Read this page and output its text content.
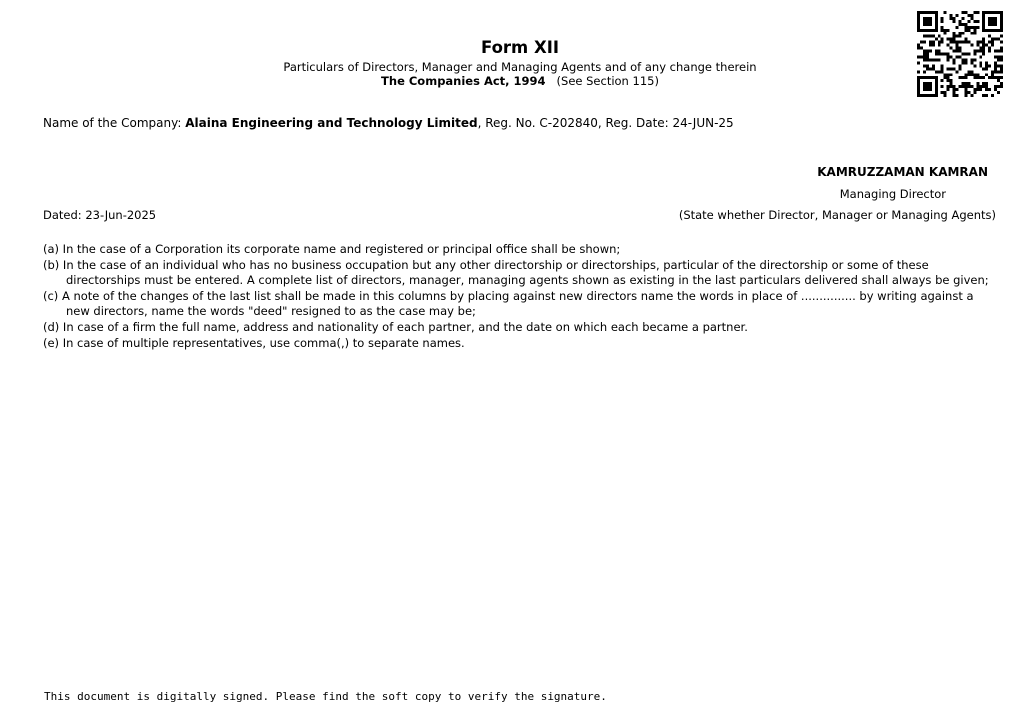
Form XII
Particulars of Directors, Manager and Managing Agents and of any change therein
The Companies Act, 1994 (See Section 115)
Name of the Company: Alaina Engineering and Technology Limited, Reg. No. C-202840, Reg. Date: 24-JUN-25
KAMRUZZAMAN KAMRAN
Managing Director
Dated: 23-Jun-2025	(State whether Director, Manager or Managing Agents)
(a) In the case of a Corporation its corporate name and registered or principal office shall be shown;
(b) In the case of an individual who has no business occupation but any other directorship or directorships, particular of the directorship or some of these directorships must be entered. A complete list of directors, manager, managing agents shown as existing in the last particulars delivered shall always be given;
(c) A note of the changes of the last list shall be made in this columns by placing against new directors name the words in place of ............... by writing against a new directors, name the words "deed" resigned to as the case may be;
(d) In case of a firm the full name, address and nationality of each partner, and the date on which each became a partner.
(e) In case of multiple representatives, use comma(,) to separate names.
This document is digitally signed. Please find the soft copy to verify the signature.
